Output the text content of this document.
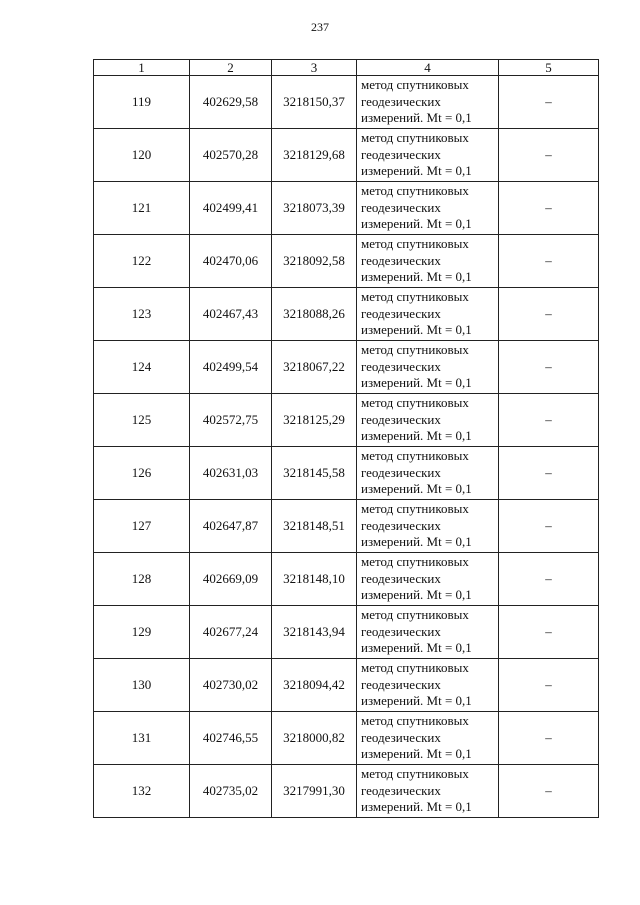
237
1	2	3	4	5
119	402629,58	3218150,37	метод спутниковых
геодезических
измерений. Mt = 0,1	–
120	402570,28	3218129,68	метод спутниковых
геодезических
измерений. Mt = 0,1	–
121	402499,41	3218073,39	метод спутниковых
геодезических
измерений. Mt = 0,1	–
122	402470,06	3218092,58	метод спутниковых
геодезических
измерений. Mt = 0,1	–
123	402467,43	3218088,26	метод спутниковых
геодезических
измерений. Mt = 0,1	–
124	402499,54	3218067,22	метод спутниковых
геодезических
измерений. Mt = 0,1	–
125	402572,75	3218125,29	метод спутниковых
геодезических
измерений. Mt = 0,1	–
126	402631,03	3218145,58	метод спутниковых
геодезических
измерений. Mt = 0,1	–
127	402647,87	3218148,51	метод спутниковых
геодезических
измерений. Mt = 0,1	–
128	402669,09	3218148,10	метод спутниковых
геодезических
измерений. Mt = 0,1	–
129	402677,24	3218143,94	метод спутниковых
геодезических
измерений. Mt = 0,1	–
130	402730,02	3218094,42	метод спутниковых
геодезических
измерений. Mt = 0,1	–
131	402746,55	3218000,82	метод спутниковых
геодезических
измерений. Mt = 0,1	–
132	402735,02	3217991,30	метод спутниковых
геодезических
измерений. Mt = 0,1	–
